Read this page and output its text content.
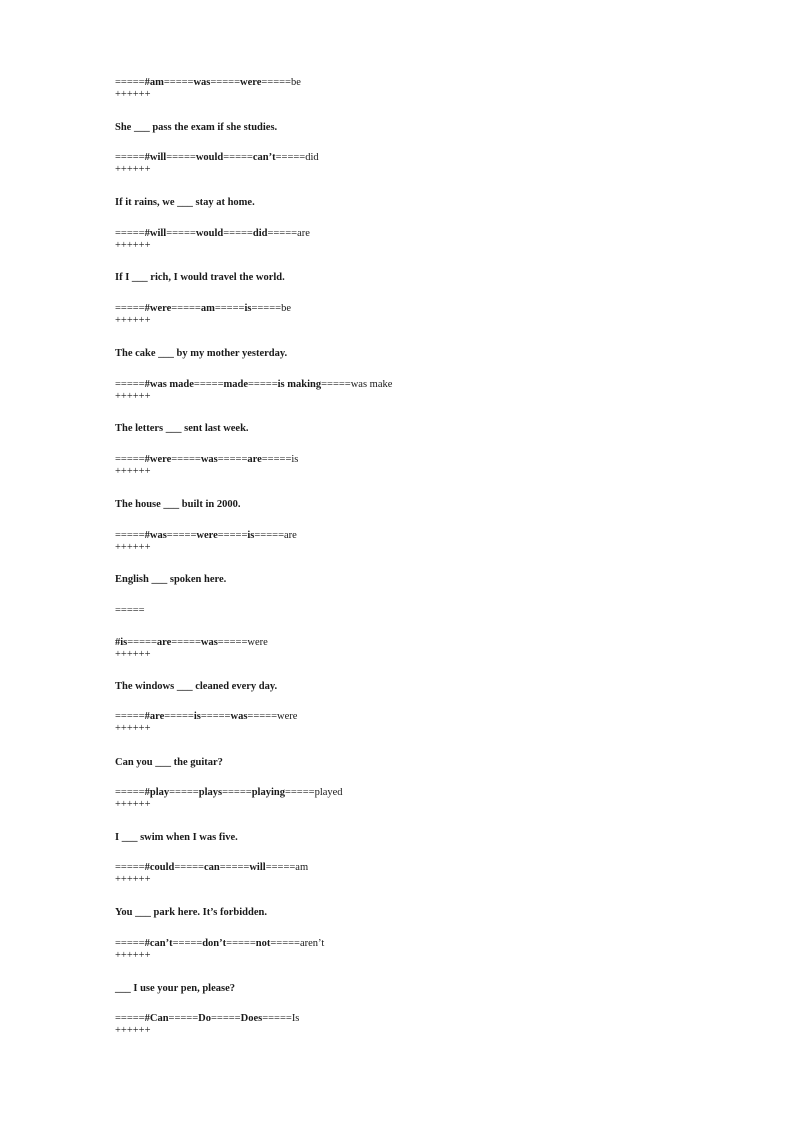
=====#am=====was=====were=====be
++++++
She ___ pass the exam if she studies.
=====#will=====would=====can’t=====did
++++++
If it rains, we ___ stay at home.
=====#will=====would=====did=====are
++++++
If I ___ rich, I would travel the world.
=====#were=====am=====is=====be
++++++
The cake ___ by my mother yesterday.
=====#was made=====made=====is making=====was make
++++++
The letters ___ sent last week.
=====#were=====was=====are=====is
++++++
The house ___ built in 2000.
=====#was=====were=====is=====are
++++++
English ___ spoken here.
=====
#is=====are=====was=====were
++++++
The windows ___ cleaned every day.
=====#are=====is=====was=====were
++++++
Can you ___ the guitar?
=====#play=====plays=====playing=====played
++++++
I ___ swim when I was five.
=====#could=====can=====will=====am
++++++
You ___ park here. It’s forbidden.
=====#can’t=====don’t=====not=====aren’t
++++++
___ I use your pen, please?
=====#Can=====Do=====Does=====Is
++++++
